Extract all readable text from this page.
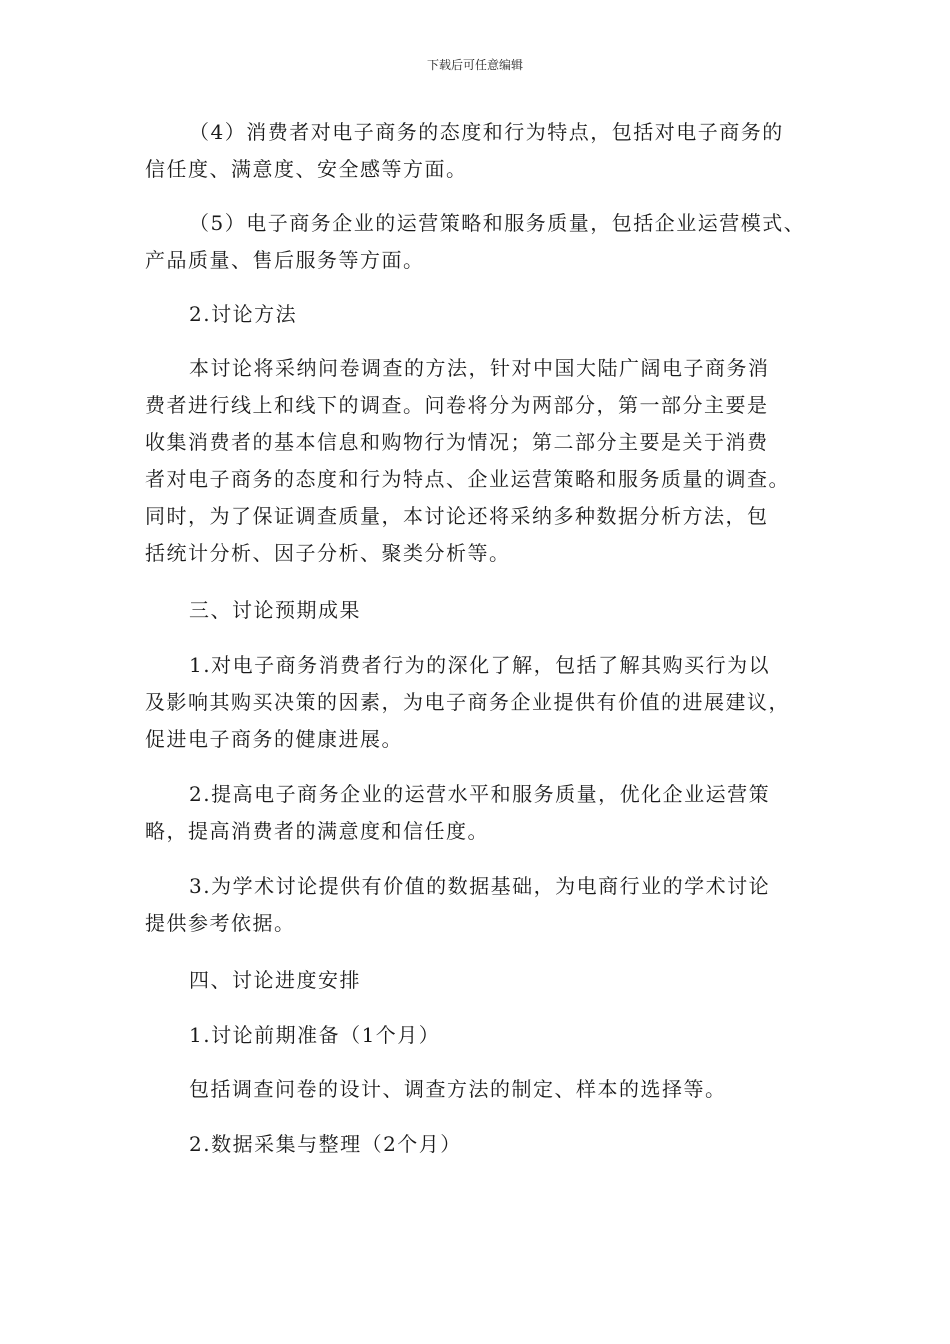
下载后可任意编辑
（4）消费者对电子商务的态度和行为特点，包括对电子商务的
信任度、满意度、安全感等方面。
（5）电子商务企业的运营策略和服务质量，包括企业运营模式、
产品质量、售后服务等方面。
2.讨论方法
本讨论将采纳问卷调查的方法，针对中国大陆广阔电子商务消
费者进行线上和线下的调查。问卷将分为两部分，第一部分主要是
收集消费者的基本信息和购物行为情况；第二部分主要是关于消费
者对电子商务的态度和行为特点、企业运营策略和服务质量的调查。
同时，为了保证调查质量，本讨论还将采纳多种数据分析方法，包
括统计分析、因子分析、聚类分析等。
三、讨论预期成果
1.对电子商务消费者行为的深化了解，包括了解其购买行为以
及影响其购买决策的因素，为电子商务企业提供有价值的进展建议，
促进电子商务的健康进展。
2.提高电子商务企业的运营水平和服务质量，优化企业运营策
略，提高消费者的满意度和信任度。
3.为学术讨论提供有价值的数据基础，为电商行业的学术讨论
提供参考依据。
四、讨论进度安排
1.讨论前期准备（1个月）
包括调查问卷的设计、调查方法的制定、样本的选择等。
2.数据采集与整理（2个月）
